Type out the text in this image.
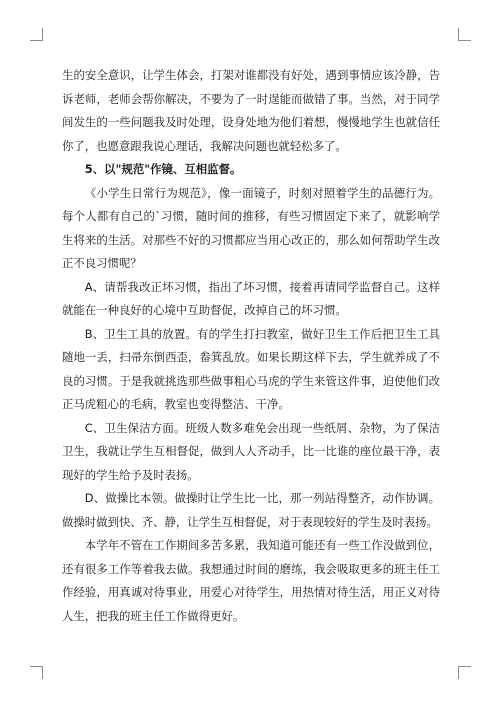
生的安全意识，让学生体会，打架对谁都没有好处，遇到事情应该冷静，告诉老师，老师会帮你解决，不要为了一时逞能而做错了事。当然，对于同学间发生的一些问题我及时处理，设身处地为他们着想，慢慢地学生也就信任你了，也愿意跟我说心理话，我解决问题也就轻松多了。

5、以"规范"作镜、互相监督。

《小学生日常行为规范》，像一面镜子，时刻对照着学生的品德行为。每个人都有自己的`习惯，随时间的推移，有些习惯固定下来了，就影响学生将来的生活。对那些不好的习惯都应当用心改正的，那么如何帮助学生改正不良习惯呢？

A、请帮我改正坏习惯，指出了坏习惯，接着再请同学监督自己。这样就能在一种良好的心境中互助督促，改掉自己的坏习惯。

B、卫生工具的放置。有的学生打扫教室，做好卫生工作后把卫生工具随地一丢，扫帚东倒西歪，畚箕乱放。如果长期这样下去，学生就养成了不良的习惯。于是我就挑选那些做事粗心马虎的学生来管这件事，迫使他们改正马虎粗心的毛病，教室也变得整洁、干净。

C、卫生保洁方面。班级人数多难免会出现一些纸屑、杂物，为了保洁卫生，我就让学生互相督促，做到人人齐动手，比一比谁的座位最干净，表现好的学生给予及时表扬。

D、做操比本领。做操时让学生比一比，那一列站得整齐，动作协调。做操时做到快、齐、静，让学生互相督促，对于表现较好的学生及时表扬。

本学年不管在工作期间多苦多累，我知道可能还有一些工作没做到位，还有很多工作等着我去做。我想通过时间的磨练，我会吸取更多的班主任工作经验，用真诚对待事业，用爱心对待学生，用热情对待生活，用正义对待人生，把我的班主任工作做得更好。
